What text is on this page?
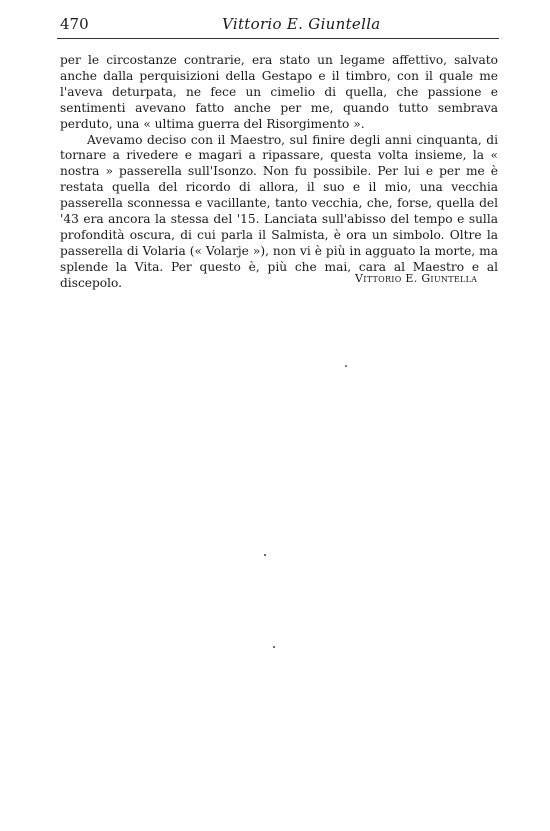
470	Vittorio E. Giuntella

per le circostanze contrarie, era stato un legame affettivo, salvato anche dalla perquisizioni della Gestapo e il timbro, con il quale me l'aveva deturpata, ne fece un cimelio di quella, che passione e sentimenti avevano fatto anche per me, quando tutto sembrava perduto, una « ultima guerra del Risorgimento ».

Avevamo deciso con il Maestro, sul finire degli anni cinquanta, di tornare a rivedere e magari a ripassare, questa volta insieme, la « nostra » passerella sull'Isonzo. Non fu possibile. Per lui e per me è restata quella del ricordo di allora, il suo e il mio, una vecchia passerella sconnessa e vacillante, tanto vecchia, che, forse, quella del '43 era ancora la stessa del '15. Lanciata sull'abisso del tempo e sulla profondità oscura, di cui parla il Salmista, è ora un simbolo. Oltre la passerella di Volaria (« Volarje »), non vi è più in agguato la morte, ma splende la Vita. Per questo è, più che mai, cara al Maestro e al discepolo.	Vittorio E. Giuntella
